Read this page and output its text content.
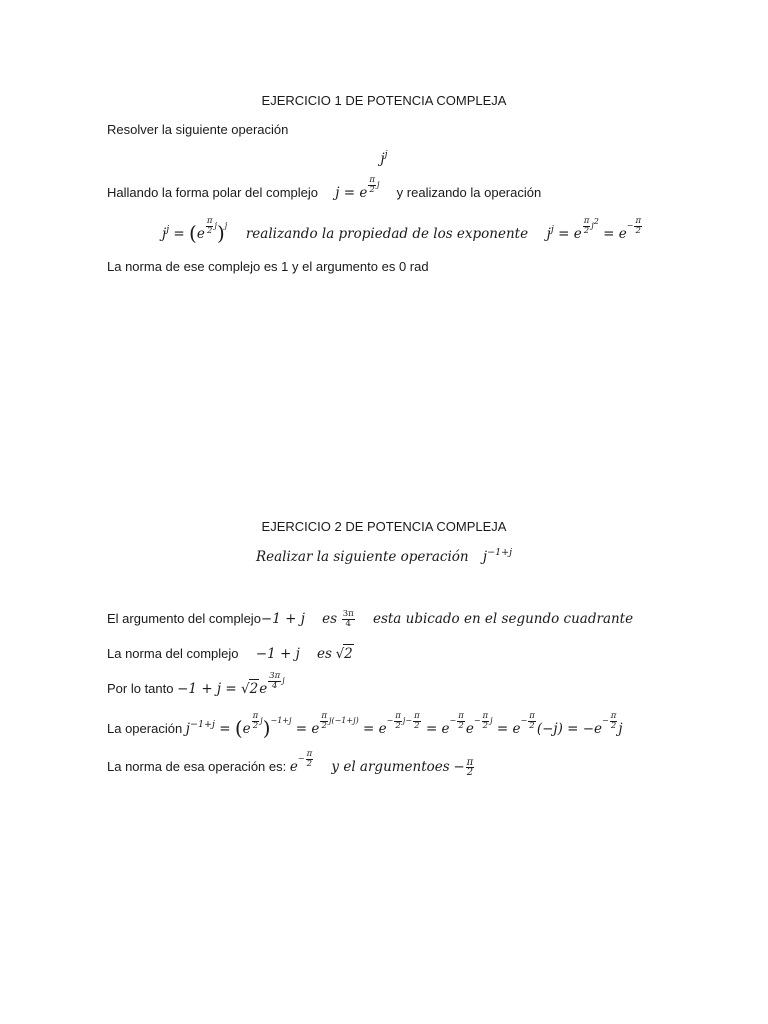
EJERCICIO 1 DE POTENCIA COMPLEJA
Resolver la siguiente operación
$j^j$
Hallando la forma polar del complejo j = e $^{\frac{\pi}{2} j}$  y realizando la operación
$j^j = (e$ $^{\frac{\pi}{2} j}$)$^j$  realizando la propiedad de los exponente  $j^j = e$ $^{\frac{\pi}{2} j2} = e^{- \frac{\pi}{2}}$
La norma de ese complejo es 1 y el argumento es 0 rad
EJERCICIO 2 DE POTENCIA COMPLEJA
Realizar la siguiente operación $j^{-1+j}$
El argumento del complejo−1 + j es $\frac{3\pi}{4}$ esta ubicado en el segundo cuadrante
La norma del complejo −1 + j es √2
Por lo tanto −1 + j = √2e $^{\frac{3\pi}{4} j}$
La operación $j^{-1+j} = (e$ $^{\frac{\pi}{2} j}$)$^{-1+j}$ = e $^{\frac{\pi}{2} j(-1+j)} = e^{- \frac{\pi}{2} j- \frac{\pi}{2}} = e^{- \frac{\pi}{2}}$ $e^{- \frac{\pi}{2} j} = e^{- \frac{\pi}{2}}$ $(-j) = -e^{- \frac{\pi}{2}}$ j
La norma de esa operación es: $e^{- \frac{\pi}{2}}$ y el argumentoes − $\frac{\pi}{2}$
